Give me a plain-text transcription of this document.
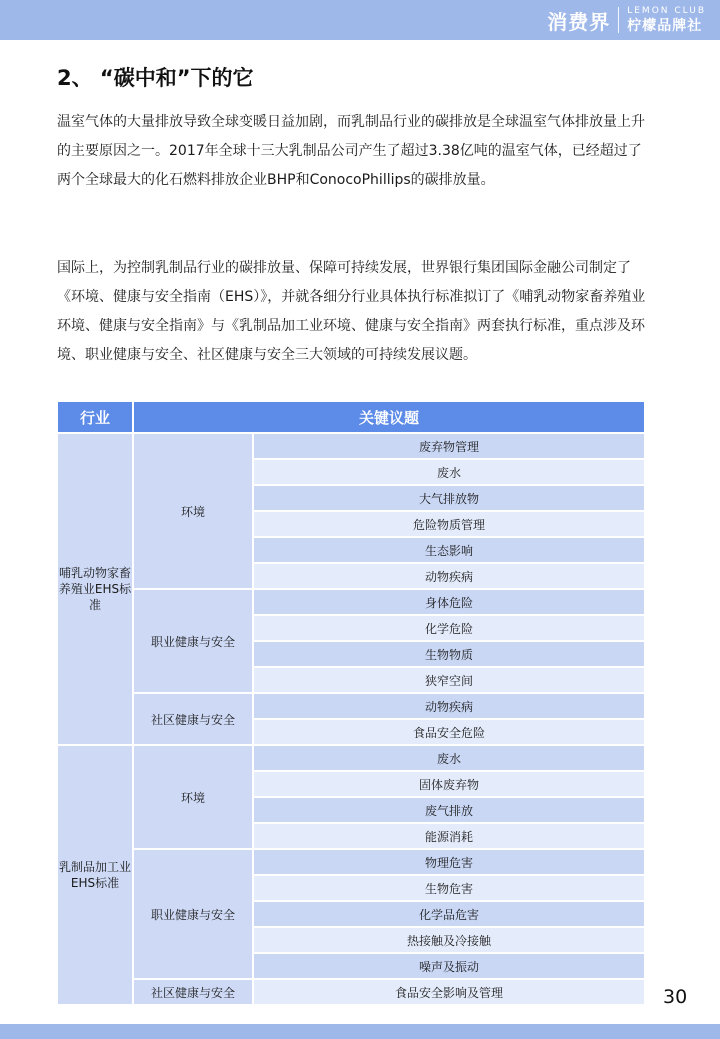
消费界 LEMON CLUB
柠檬品牌社
2、 “碳中和”下的它

温室气体的大量排放导致全球变暖日益加剧，而乳制品行业的碳排放是全球温室气体排放量上升的主要原因之一。2017年全球十三大乳制品公司产生了超过3.38亿吨的温室气体，已经超过了两个全球最大的化石燃料排放企业BHP和ConocoPhillips的碳排放量。

国际上，为控制乳制品行业的碳排放量、保障可持续发展，世界银行集团国际金融公司制定了《环境、健康与安全指南（EHS）》，并就各细分行业具体执行标准拟订了《哺乳动物家畜养殖业环境、健康与安全指南》与《乳制品加工业环境、健康与安全指南》两套执行标准，重点涉及环境、职业健康与安全、社区健康与安全三大领域的可持续发展议题。

行业	关键议题	
哺乳动物家畜养殖业EHS标准	环境	废弃物管理
		废水
		大气排放物
		危险物质管理
		生态影响
		动物疾病
	职业健康与安全	身体危险
		化学危险
		生物物质
		狭窄空间
	社区健康与安全	动物疾病
		食品安全危险
乳制品加工业EHS标准	环境	废水
		固体废弃物
		废气排放
		能源消耗
	职业健康与安全	物理危害
		生物危害
		化学品危害
		热接触及冷接触
		噪声及振动
	社区健康与安全	食品安全影响及管理	30
